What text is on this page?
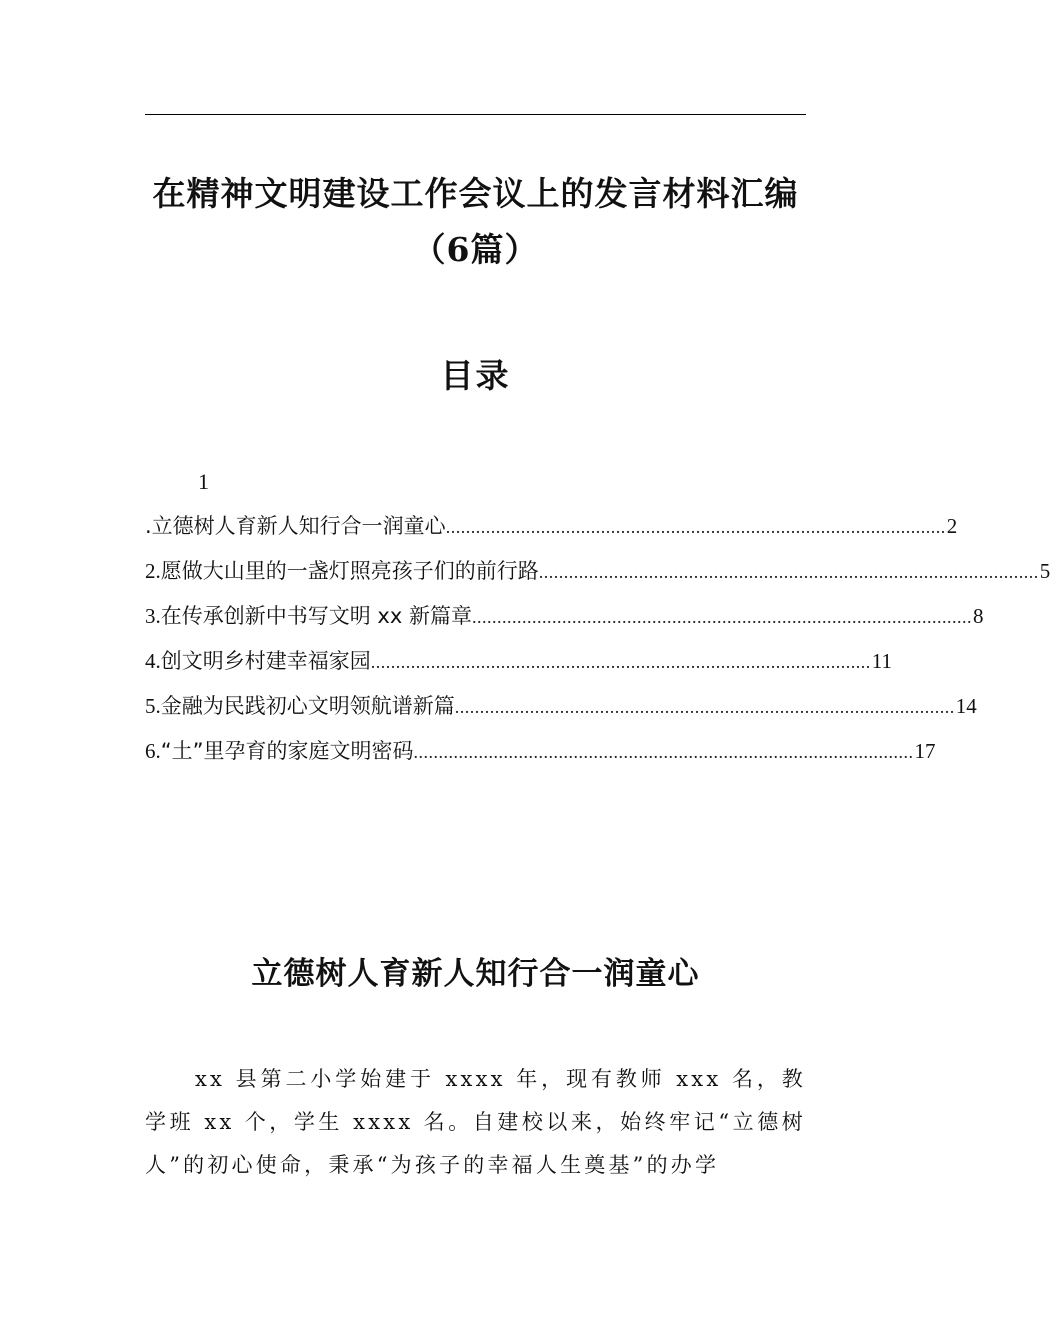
在精神文明建设工作会议上的发言材料汇编（6篇）
目录
1
.立德树人育新人知行合一润童心 .................................................................................................... 2
2. 愿做大山里的一盏灯照亮孩子们的前行路 .................................................................................................... 5
3. 在传承创新中书写文明 xx 新篇章 .................................................................................................... 8
4. 创文明乡村建幸福家园 .................................................................................................... 11
5. 金融为民践初心文明领航谱新篇 .................................................................................................... 14
6. “土”里孕育的家庭文明密码 .................................................................................................... 17
立德树人育新人知行合一润童心

xx 县第二小学始建于 xxxx 年，现有教师 xxx 名，教学班 xx 个，学生 xxxx 名。自建校以来，始终牢记“立德树人”的初心使命，秉承“为孩子的幸福人生奠基”的办学
